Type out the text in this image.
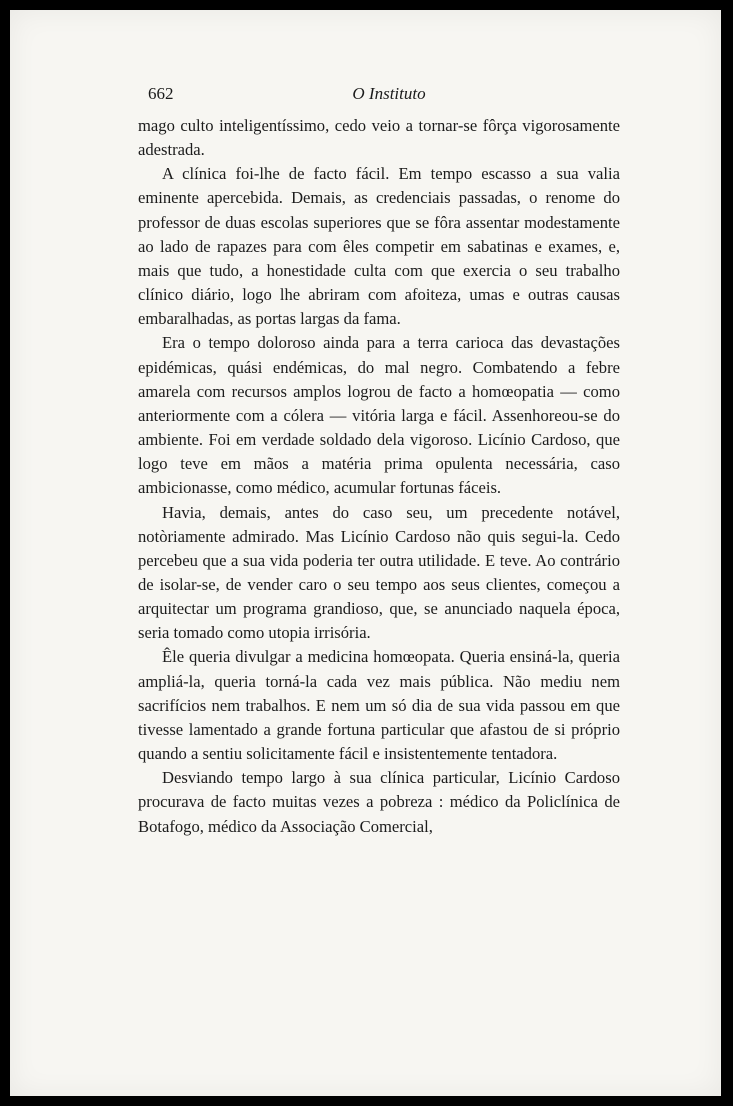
662	O Instituto

mago culto inteligentíssimo, cedo veio a tornar-se fôrça vigorosamente adestrada.

A clínica foi-lhe de facto fácil. Em tempo escasso a sua valia eminente apercebida. Demais, as credenciais passadas, o renome do professor de duas escolas superiores que se fôra assentar modestamente ao lado de rapazes para com êles competir em sabatinas e exames, e, mais que tudo, a honestidade culta com que exercia o seu trabalho clínico diário, logo lhe abriram com afoiteza, umas e outras causas embaralhadas, as portas largas da fama.

Era o tempo doloroso ainda para a terra carioca das devastações epidémicas, quási endémicas, do mal negro. Combatendo a febre amarela com recursos amplos logrou de facto a homœopatia — como anteriormente com a cólera — vitória larga e fácil. Assenhoreou-se do ambiente. Foi em verdade soldado dela vigoroso. Licínio Cardoso, que logo teve em mãos a matéria prima opulenta necessária, caso ambicionasse, como médico, acumular fortunas fáceis.

Havia, demais, antes do caso seu, um precedente notável, notòriamente admirado. Mas Licínio Cardoso não quis segui-la. Cedo percebeu que a sua vida poderia ter outra utilidade. E teve. Ao contrário de isolar-se, de vender caro o seu tempo aos seus clientes, começou a arquitectar um programa grandioso, que, se anunciado naquela época, seria tomado como utopia irrisória.

Êle queria divulgar a medicina homœopata. Queria ensiná-la, queria ampliá-la, queria torná-la cada vez mais pública. Não mediu nem sacrifícios nem trabalhos. E nem um só dia de sua vida passou em que tivesse lamentado a grande fortuna particular que afastou de si próprio quando a sentiu solicitamente fácil e insistentemente tentadora.

Desviando tempo largo à sua clínica particular, Licínio Cardoso procurava de facto muitas vezes a pobreza : médico da Policlínica de Botafogo, médico da Associação Comercial,
